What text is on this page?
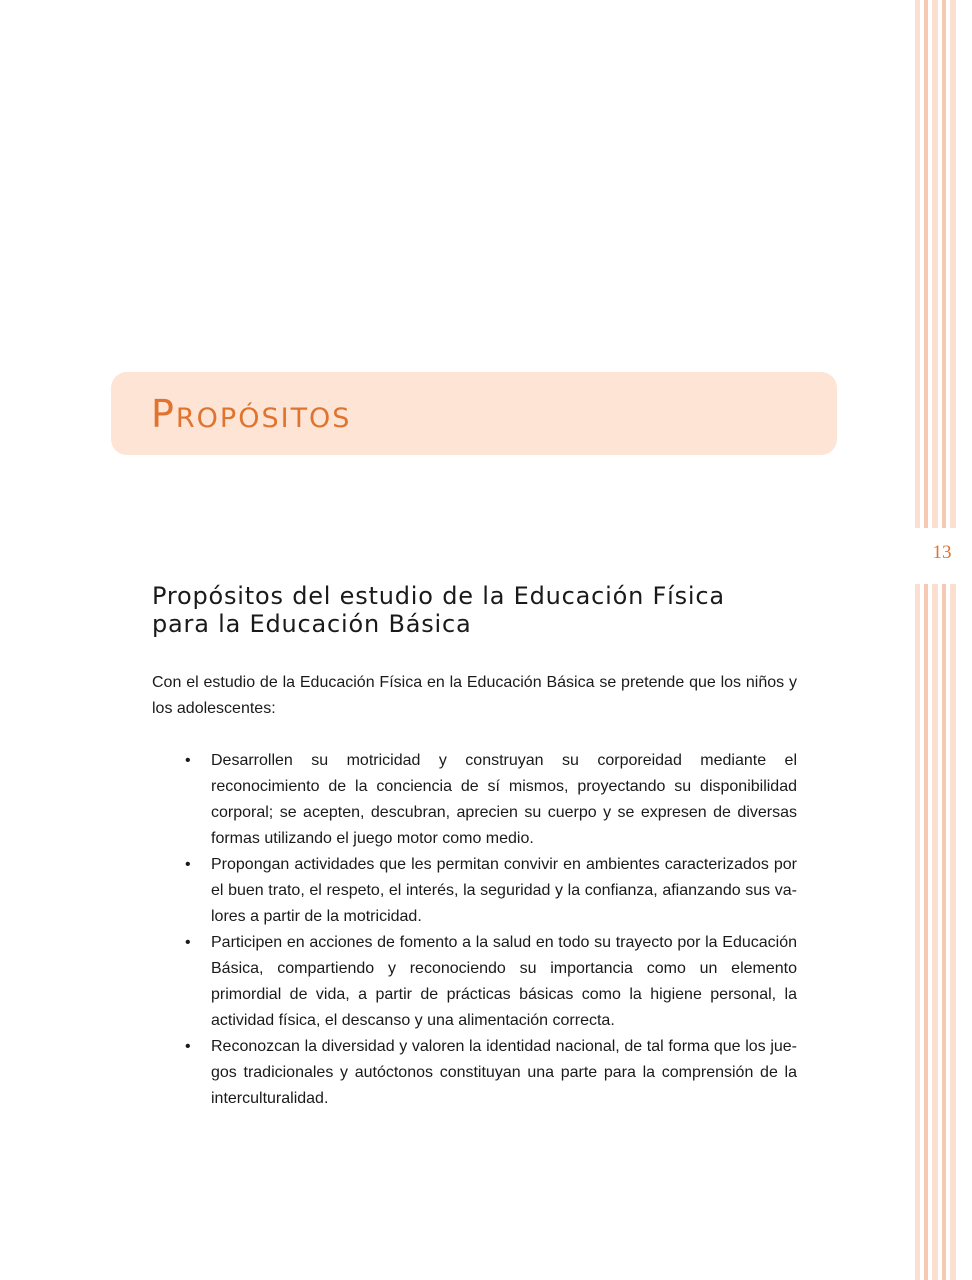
13
Propósitos
Propósitos del estudio de la Educación Física
para la Educación Básica

Con el estudio de la Educación Física en la Educación Básica se pretende que los niños y los adolescentes:

• Desarrollen su motricidad y construyan su corporeidad mediante el reconocimiento de la conciencia de sí mismos, proyectando su disponibilidad corporal; se acepten, descubran, aprecien su cuerpo y se expresen de diversas formas utilizando el juego motor como medio.
• Propongan actividades que les permitan convivir en ambientes caracterizados por el buen trato, el respeto, el interés, la seguridad y la confianza, afianzando sus va-lores a partir de la motricidad.
• Participen en acciones de fomento a la salud en todo su trayecto por la Educación Básica, compartiendo y reconociendo su importancia como un elemento primordial de vida, a partir de prácticas básicas como la higiene personal, la actividad física, el descanso y una alimentación correcta.
• Reconozcan la diversidad y valoren la identidad nacional, de tal forma que los jue-gos tradicionales y autóctonos constituyan una parte para la comprensión de la interculturalidad.
